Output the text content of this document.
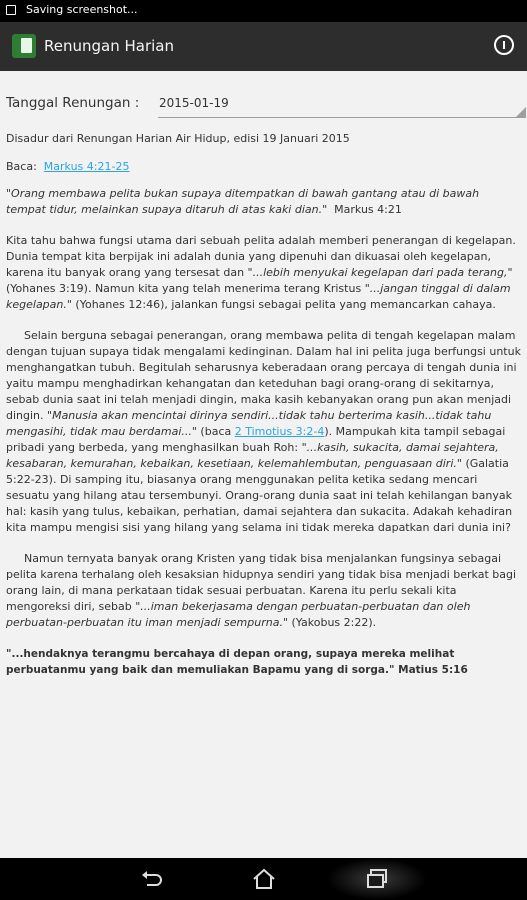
Saving screenshot...
Renungan Harian
Tanggal Renungan : 2015-01-19

Disadur dari Renungan Harian Air Hidup, edisi 19 Januari 2015

Baca: Markus 4:21-25

"Orang membawa pelita bukan supaya ditempatkan di bawah gantang atau di bawah tempat tidur, melainkan supaya ditaruh di atas kaki dian." Markus 4:21

Kita tahu bahwa fungsi utama dari sebuah pelita adalah memberi penerangan di kegelapan. Dunia tempat kita berpijak ini adalah dunia yang dipenuhi dan dikuasai oleh kegelapan, karena itu banyak orang yang tersesat dan "...lebih menyukai kegelapan dari pada terang," (Yohanes 3:19). Namun kita yang telah menerima terang Kristus "...jangan tinggal di dalam kegelapan." (Yohanes 12:46), jalankan fungsi sebagai pelita yang memancarkan cahaya.

Selain berguna sebagai penerangan, orang membawa pelita di tengah kegelapan malam dengan tujuan supaya tidak mengalami kedinginan. Dalam hal ini pelita juga berfungsi untuk menghangatkan tubuh. Begitulah seharusnya keberadaan orang percaya di tengah dunia ini yaitu mampu menghadirkan kehangatan dan keteduhan bagi orang-orang di sekitarnya, sebab dunia saat ini telah menjadi dingin, maka kasih kebanyakan orang pun akan menjadi dingin. "Manusia akan mencintai dirinya sendiri...tidak tahu berterima kasih...tidak tahu mengasihi, tidak mau berdamai..." (baca 2 Timotius 3:2-4). Mampukah kita tampil sebagai pribadi yang berbeda, yang menghasilkan buah Roh: "...kasih, sukacita, damai sejahtera, kesabaran, kemurahan, kebaikan, kesetiaan, kelemahlembutan, penguasaan diri." (Galatia 5:22-23). Di samping itu, biasanya orang menggunakan pelita ketika sedang mencari sesuatu yang hilang atau tersembunyi. Orang-orang dunia saat ini telah kehilangan banyak hal: kasih yang tulus, kebaikan, perhatian, damai sejahtera dan sukacita. Adakah kehadiran kita mampu mengisi sisi yang hilang yang selama ini tidak mereka dapatkan dari dunia ini?

Namun ternyata banyak orang Kristen yang tidak bisa menjalankan fungsinya sebagai pelita karena terhalang oleh kesaksian hidupnya sendiri yang tidak bisa menjadi berkat bagi orang lain, di mana perkataan tidak sesuai perbuatan. Karena itu perlu sekali kita mengoreksi diri, sebab "...iman bekerjasama dengan perbuatan-perbuatan dan oleh perbuatan-perbuatan itu iman menjadi sempurna." (Yakobus 2:22).

"...hendaknya terangmu bercahaya di depan orang, supaya mereka melihat perbuatanmu yang baik dan memuliakan Bapamu yang di sorga." Matius 5:16
